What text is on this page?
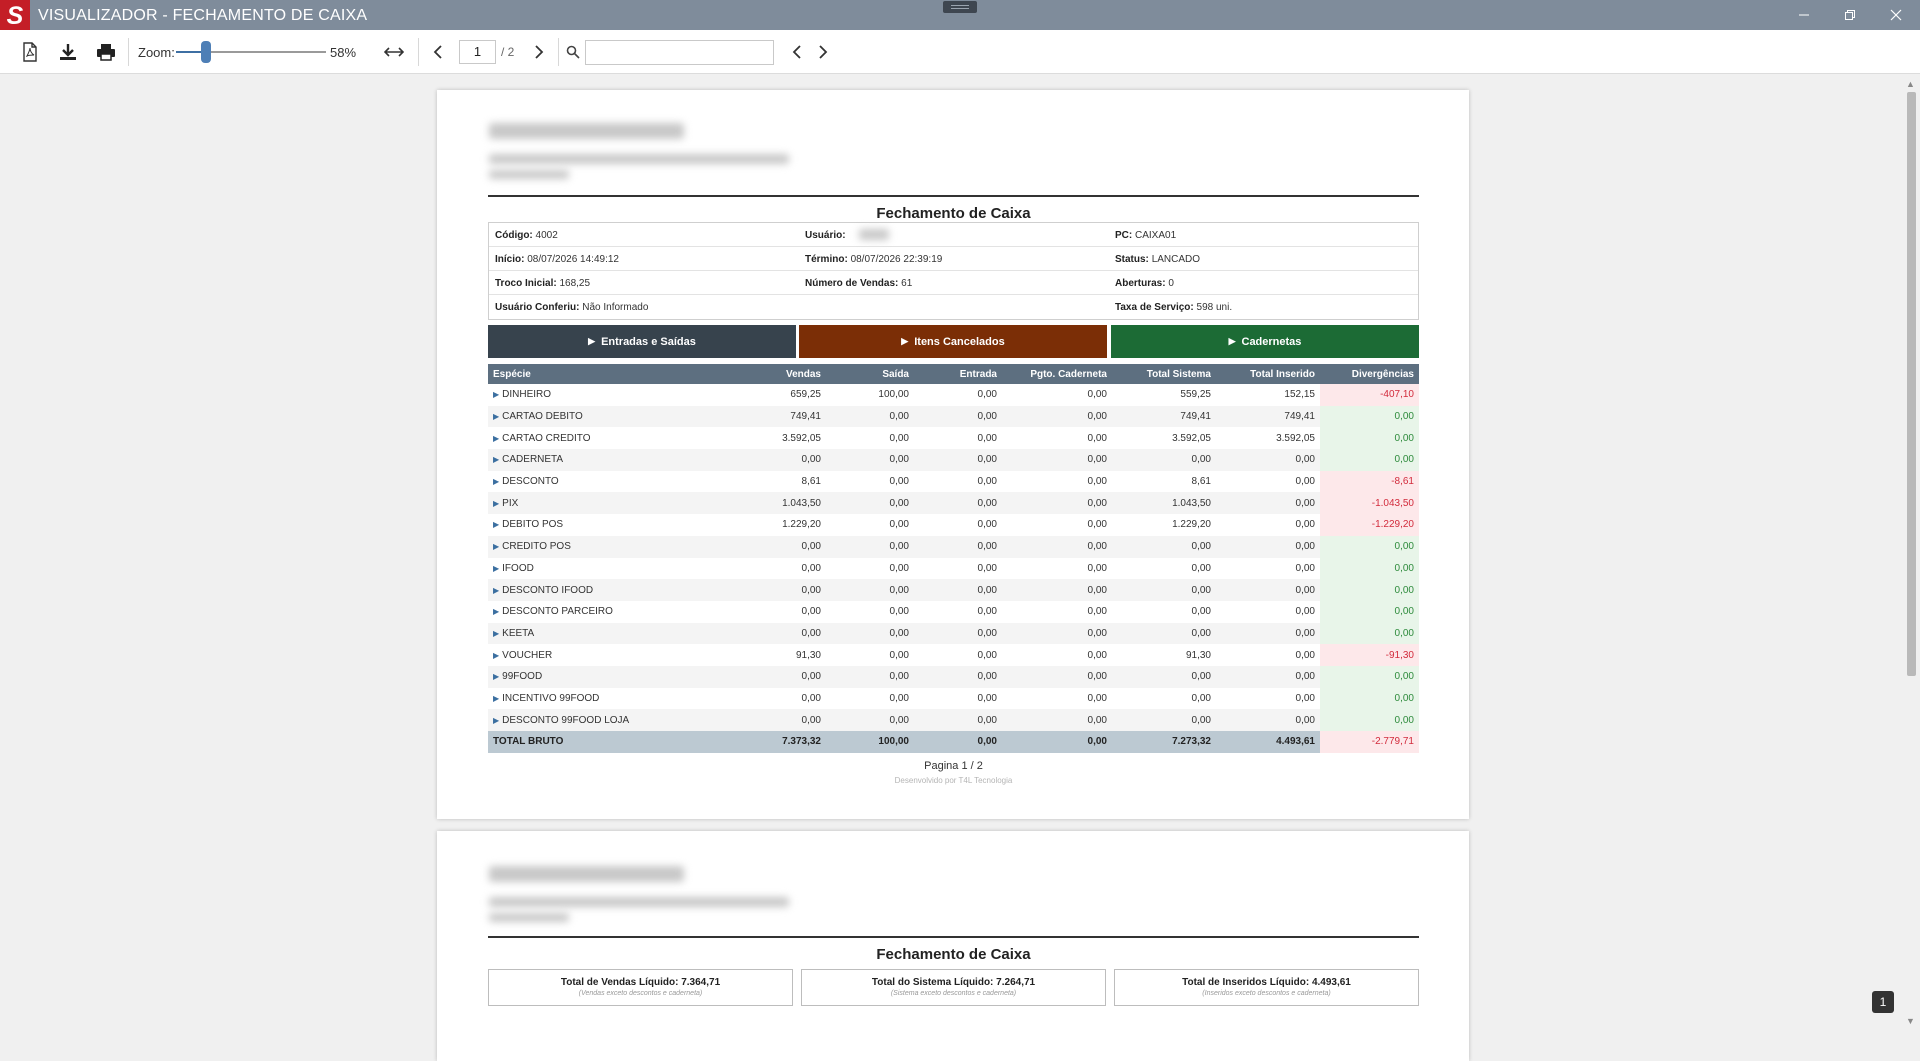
S VISUALIZADOR - FECHAMENTO DE CAIXA
Zoom:	58%	1	/ 2
Fechamento de Caixa
Código: 4002	Usuário:	PC: CAIXA01
Início: 08/07/2026 14:49:12	Término: 08/07/2026 22:39:19	Status: LANCADO
Troco Inicial: 168,25	Número de Vendas: 61	Aberturas: 0
Usuário Conferiu: Não Informado	Taxa de Serviço: 598 uni.
▶ Entradas e Saídas	▶ Itens Cancelados	▶ Cadernetas
Espécie	Vendas	Saída	Entrada	Pgto. Caderneta	Total Sistema	Total Inserido	Divergências
▶ DINHEIRO	659,25	100,00	0,00	0,00	559,25	152,15	-407,10
▶ CARTAO DEBITO	749,41	0,00	0,00	0,00	749,41	749,41	0,00
▶ CARTAO CREDITO	3.592,05	0,00	0,00	0,00	3.592,05	3.592,05	0,00
▶ CADERNETA	0,00	0,00	0,00	0,00	0,00	0,00	0,00
▶ DESCONTO	8,61	0,00	0,00	0,00	8,61	0,00	-8,61
▶ PIX	1.043,50	0,00	0,00	0,00	1.043,50	0,00	-1.043,50
▶ DEBITO POS	1.229,20	0,00	0,00	0,00	1.229,20	0,00	-1.229,20
▶ CREDITO POS	0,00	0,00	0,00	0,00	0,00	0,00	0,00
▶ IFOOD	0,00	0,00	0,00	0,00	0,00	0,00	0,00
▶ DESCONTO IFOOD	0,00	0,00	0,00	0,00	0,00	0,00	0,00
▶ DESCONTO PARCEIRO	0,00	0,00	0,00	0,00	0,00	0,00	0,00
▶ KEETA	0,00	0,00	0,00	0,00	0,00	0,00	0,00
▶ VOUCHER	91,30	0,00	0,00	0,00	91,30	0,00	-91,30
▶ 99FOOD	0,00	0,00	0,00	0,00	0,00	0,00	0,00
▶ INCENTIVO 99FOOD	0,00	0,00	0,00	0,00	0,00	0,00	0,00
▶ DESCONTO 99FOOD LOJA	0,00	0,00	0,00	0,00	0,00	0,00	0,00
TOTAL BRUTO	7.373,32	100,00	0,00	0,00	7.273,32	4.493,61	-2.779,71
Pagina 1 / 2
Desenvolvido por T4L Tecnologia
Fechamento de Caixa
Total de Vendas Líquido: 7.364,71
(Vendas exceto descontos e caderneta)
Total do Sistema Líquido: 7.264,71
(Sistema exceto descontos e caderneta)
Total de Inseridos Líquido: 4.493,61
(Inseridos exceto descontos e caderneta)
▲
▼
1
